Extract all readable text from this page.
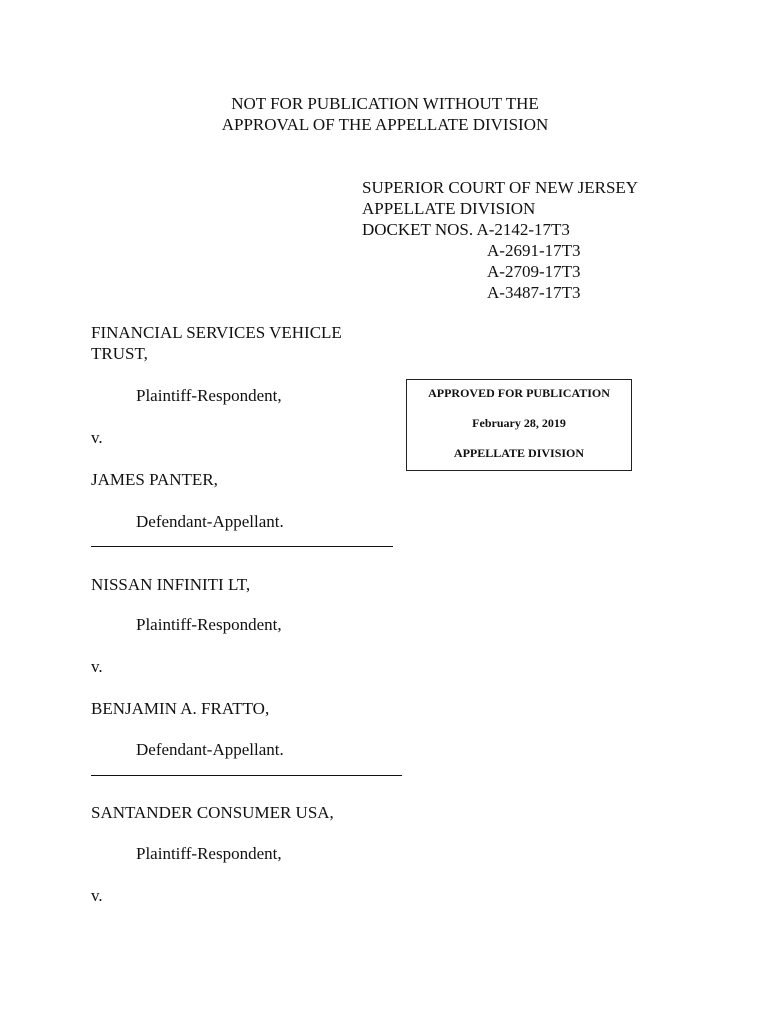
NOT FOR PUBLICATION WITHOUT THE
APPROVAL OF THE APPELLATE DIVISION
SUPERIOR COURT OF NEW JERSEY
APPELLATE DIVISION
DOCKET NOS. A-2142-17T3
A-2691-17T3
A-2709-17T3
A-3487-17T3
FINANCIAL SERVICES VEHICLE
TRUST,
Plaintiff-Respondent,
v.
JAMES PANTER,
Defendant-Appellant.
APPROVED FOR PUBLICATION
February 28, 2019
APPELLATE DIVISION
NISSAN INFINITI LT,
Plaintiff-Respondent,
v.
BENJAMIN A. FRATTO,
Defendant-Appellant.
SANTANDER CONSUMER USA,
Plaintiff-Respondent,
v.
